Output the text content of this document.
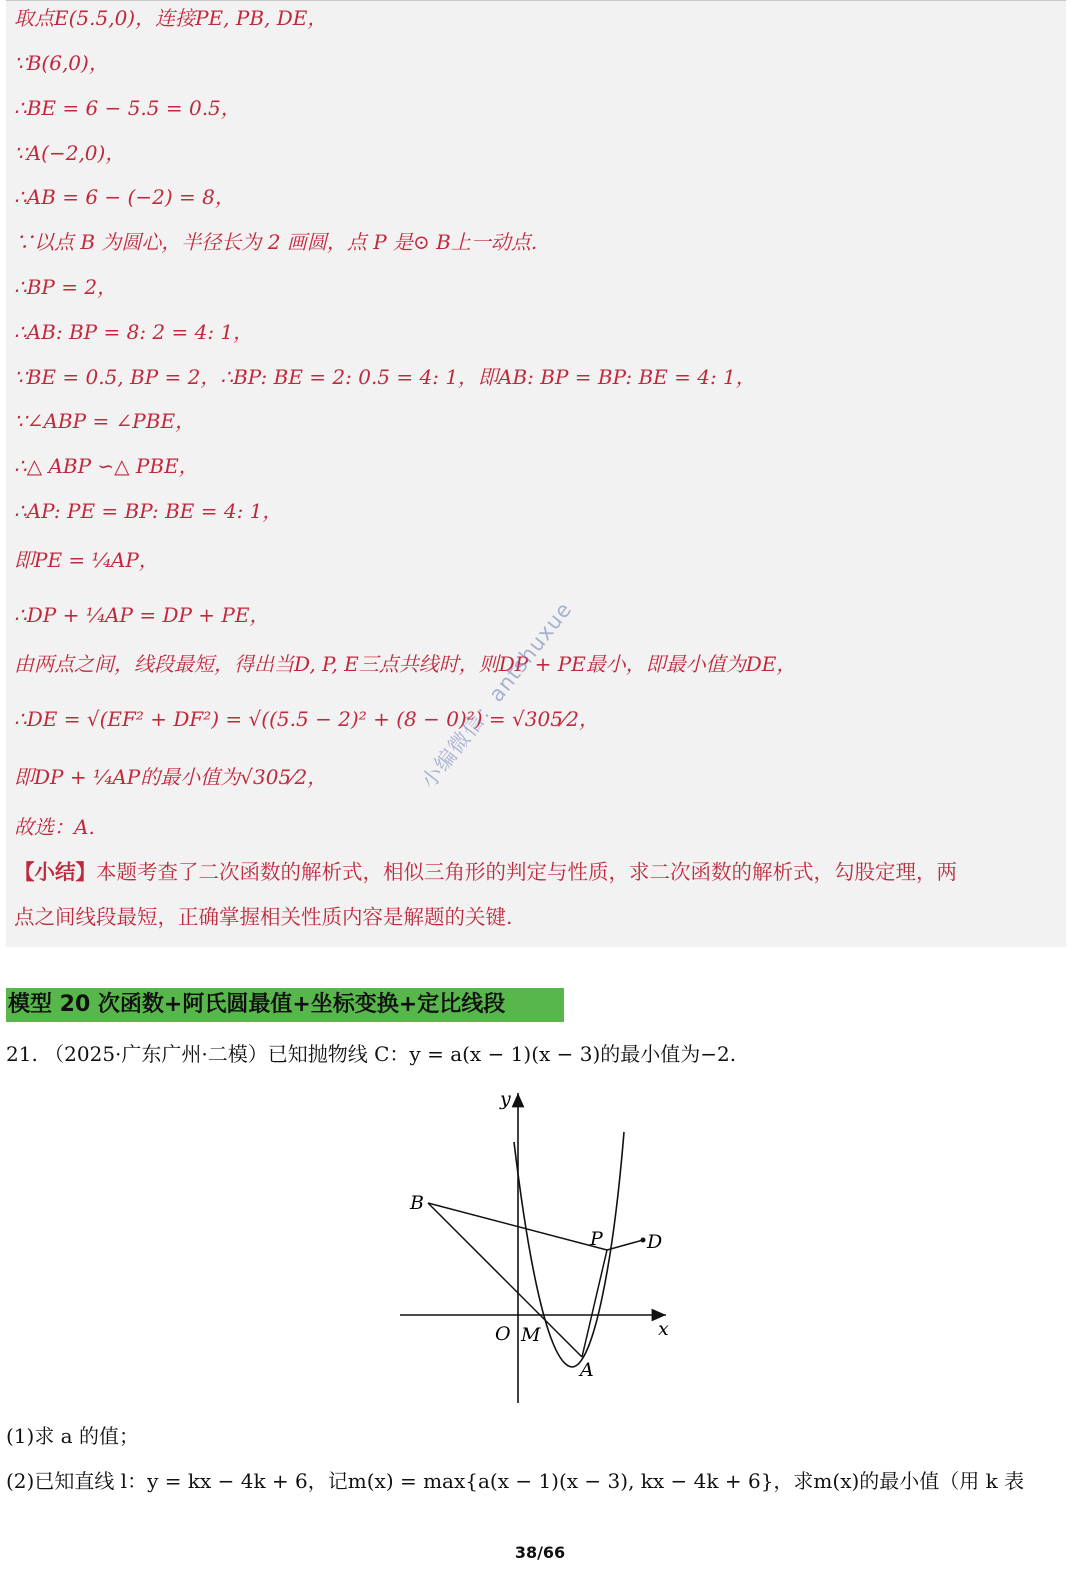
取点E(5.5,0)，连接PE, PB, DE，
∵B(6,0)，
∴BE = 6 − 5.5 = 0.5，
∵A(−2,0)，
∴AB = 6 − (−2) = 8，
∵以点 B 为圆心，半径长为 2 画圆，点 P 是⊙ B上一动点.
∴BP = 2，
∴AB: BP = 8: 2 = 4: 1，
∵BE = 0.5, BP = 2，∴BP: BE = 2: 0.5 = 4: 1，即AB: BP = BP: BE = 4: 1，
∵∠ABP = ∠PBE，
∴△ ABP ∽△ PBE，
∴AP: PE = BP: BE = 4: 1，
即PE = ¹⁄₄AP，
∴DP + ¹⁄₄AP = DP + PE，
由两点之间，线段最短，得出当D, P, E三点共线时，则DP + PE最小，即最小值为DE，
∴DE = √(EF² + DF²) = √((5.5 − 2)² + (8 − 0)²) = √305⁄2，
即DP + ¹⁄₄AP的最小值为√305⁄2，
故选：A.
【小结】本题考查了二次函数的解析式，相似三角形的判定与性质，求二次函数的解析式，勾股定理，两
点之间线段最短，正确掌握相关性质内容是解题的关键.
小编微信：antshuxue
模型 20 次函数+阿氏圆最值+坐标变换+定比线段
21. （2025·广东广州·二模）已知抛物线 C：y = a(x − 1)(x − 3)的最小值为−2.
y
x
B
P D
O M
A
(1)求 a 的值；
(2)已知直线 l：y = kx − 4k + 6，记m(x) = max{a(x − 1)(x − 3), kx − 4k + 6}，求m(x)的最小值（用 k 表
38/66
